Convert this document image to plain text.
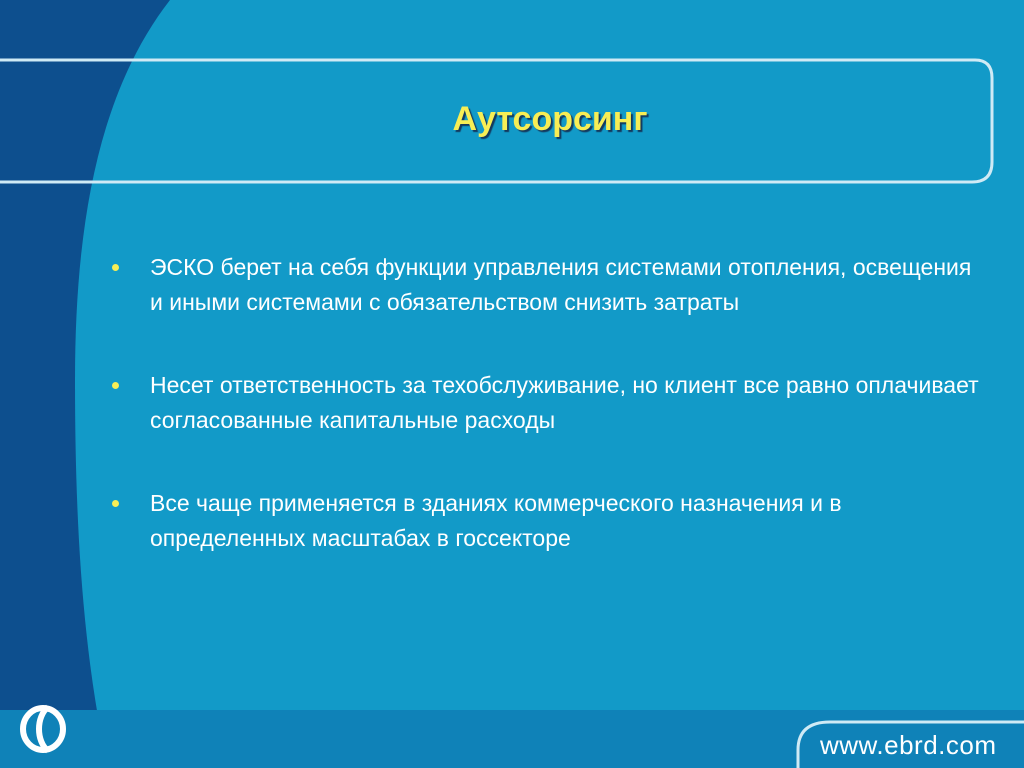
Аутсорсинг
ЭСКО берет на себя функции управления системами отопления, освещения и иными системами с обязательством снизить затраты
Несет ответственность за техобслуживание, но клиент все равно оплачивает согласованные капитальные расходы
Все чаще применяется в зданиях коммерческого назначения и в определенных масштабах в госсекторе
www.ebrd.com
